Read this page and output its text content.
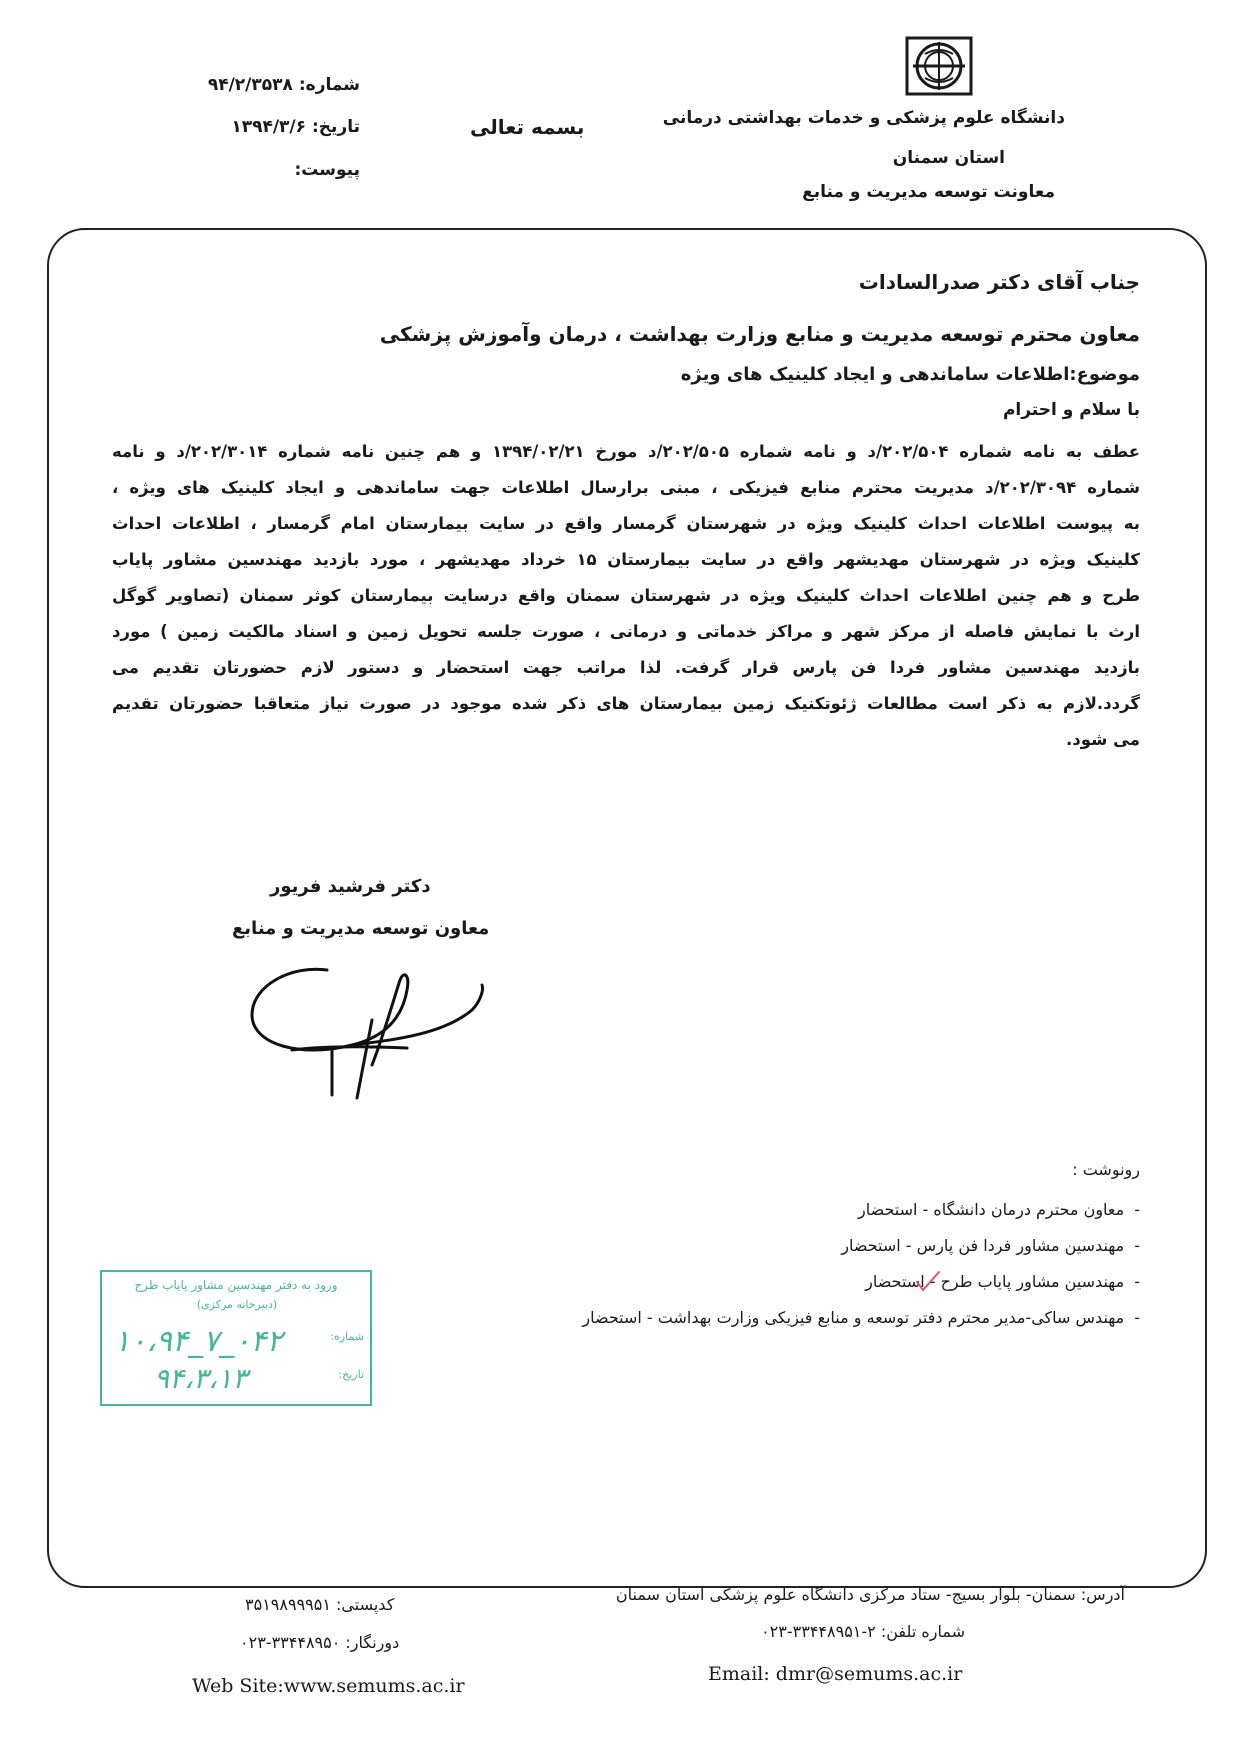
دانشگاه علوم پزشکی و خدمات بهداشتی درمانی
استان سمنان
معاونت توسعه مدیریت و منابع
بسمه تعالی
شماره:۹۴/۲/۳۵۳۸
تاریخ:۱۳۹۴/۳/۶
پیوست:
جناب آقای دکتر صدرالسادات
معاون محترم توسعه مدیریت و منابع وزارت بهداشت ، درمان وآموزش پزشکی
موضوع:اطلاعات ساماندهی و ایجاد کلینیک های ویژه
با سلام و احترام
عطف به نامه شماره ۲۰۲/۵۰۴/د و نامه شماره ۲۰۲/۵۰۵/د مورخ ۱۳۹۴/۰۲/۲۱ و هم چنین نامه شماره ۲۰۲/۳۰۱۴/د و نامه
شماره ۲۰۲/۳۰۹۴/د مدیریت محترم منابع فیزیکی ، مبنی برارسال اطلاعات جهت ساماندهی و ایجاد کلینیک های ویژه ،
به پیوست اطلاعات احداث کلینیک ویژه در شهرستان گرمسار واقع در سایت بیمارستان امام گرمسار ، اطلاعات احداث
کلینیک ویژه در شهرستان مهدیشهر واقع در سایت بیمارستان ۱۵ خرداد مهدیشهر ، مورد بازدید مهندسین مشاور پایاب
طرح و هم چنین اطلاعات احداث کلینیک ویژه در شهرستان سمنان واقع درسایت بیمارستان کوثر سمنان (تصاویر گوگل
ارث با نمایش فاصله از مرکز شهر و مراکز خدماتی و درمانی ، صورت جلسه تحویل زمین و اسناد مالکیت زمین ) مورد
بازدید مهندسین مشاور فردا فن پارس قرار گرفت. لذا مراتب جهت استحضار و دستور لازم حضورتان تقدیم می
گردد.لازم به ذکر است مطالعات ژئوتکنیک زمین بیمارستان های ذکر شده موجود در صورت نیاز متعاقبا حضورتان تقدیم
می شود.
دکتر فرشید فریور
معاون توسعه مدیریت و منابع
رونوشت :
-معاون محترم درمان دانشگاه - استحضار
-مهندسین مشاور فردا فن پارس - استحضار
-مهندسین مشاور پایاب طرح - استحضار
-مهندس ساکی-مدیر محترم دفتر توسعه و منابع فیزیکی وزارت بهداشت - استحضار
ورود به دفتر مهندسین مشاور پایاب طرح
(دبیرخانه مرکزی)
شماره:
۱۰،۹۴_۷_۰۴۲
تاریخ:
۹۴،۳،۱۳
آدرس: سمنان- بلوار بسیج- ستاد مرکزی دانشگاه علوم پزشکی استان سمنان
شماره تلفن: ۲-۳۳۴۴۸۹۵۱-۰۲۳
Email: dmr@semums.ac.ir
کدپستی: ۳۵۱۹۸۹۹۹۵۱
دورنگار: ۳۳۴۴۸۹۵۰-۰۲۳
Web Site:www.semums.ac.ir
